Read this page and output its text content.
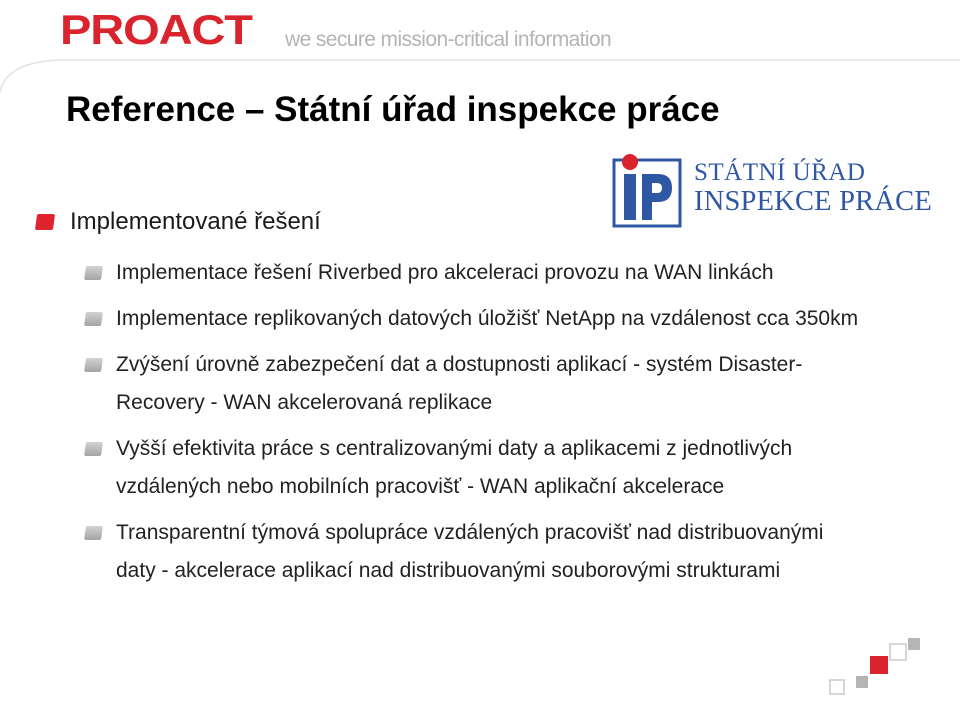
PROACT we secure mission-critical information
Reference – Státní úřad inspekce práce
STÁTNÍ ÚŘAD
INSPEKCE PRÁCE
Implementované řešení
Implementace řešení Riverbed pro akceleraci provozu na WAN linkách
Implementace replikovaných datových úložišť NetApp na vzdálenost cca 350km
Zvýšení úrovně zabezpečení dat a dostupnosti aplikací - systém Disaster-Recovery - WAN akcelerovaná replikace
Vyšší efektivita práce s centralizovanými daty a aplikacemi z jednotlivých vzdálených nebo mobilních pracovišť - WAN aplikační akcelerace
Transparentní týmová spolupráce vzdálených pracovišť nad distribuovanými daty - akcelerace aplikací nad distribuovanými souborovými strukturami
